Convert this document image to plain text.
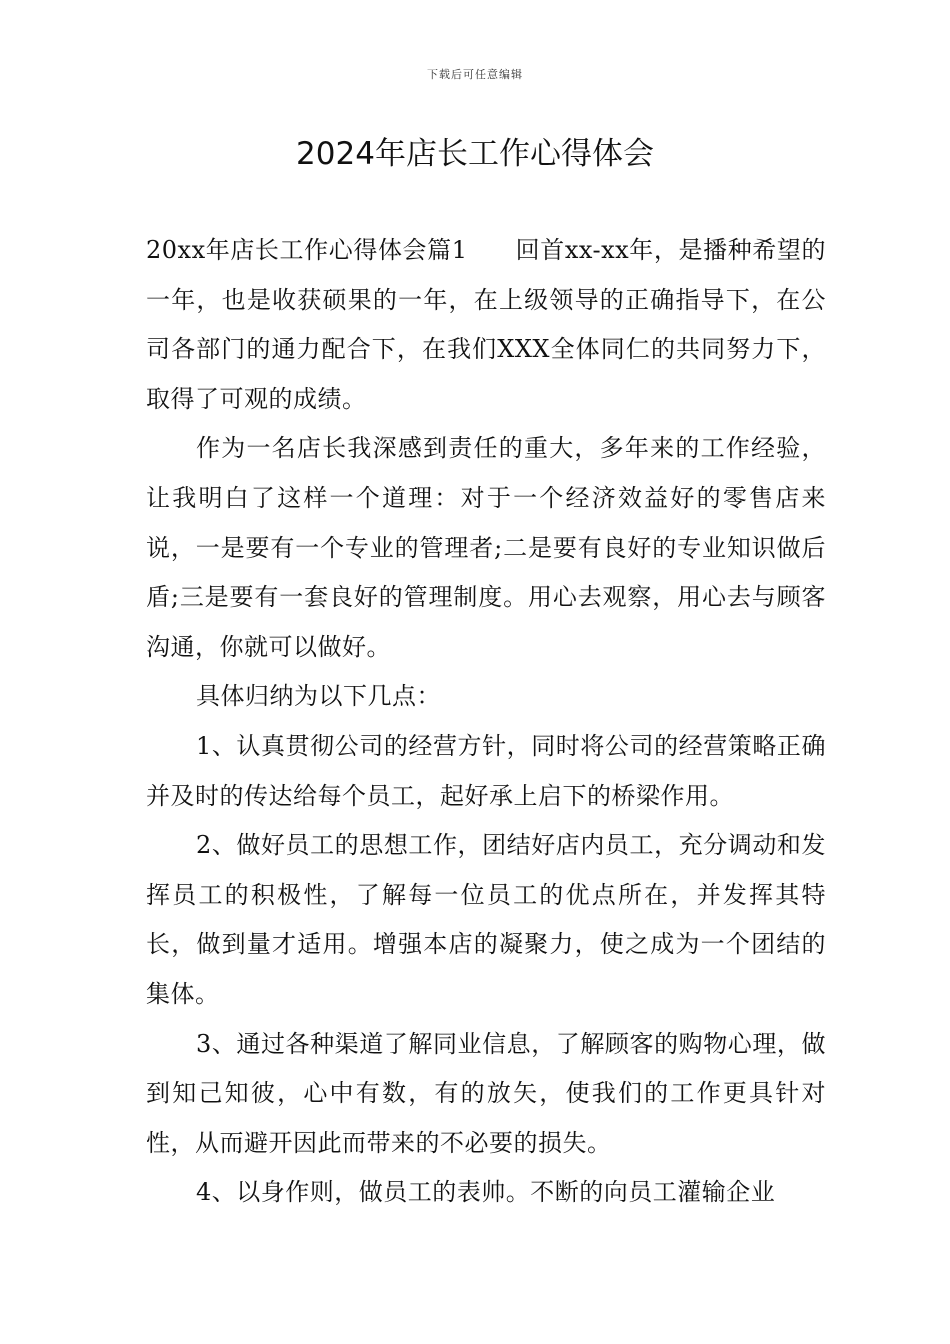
下载后可任意编辑
2024年店长工作心得体会

20xx年店长工作心得体会篇1 回首xx-xx年，是播种希望的一年，也是收获硕果的一年，在上级领导的正确指导下，在公司各部门的通力配合下，在我们XXX全体同仁的共同努力下，取得了可观的成绩。

作为一名店长我深感到责任的重大，多年来的工作经验，让我明白了这样一个道理：对于一个经济效益好的零售店来说，一是要有一个专业的管理者;二是要有良好的专业知识做后盾;三是要有一套良好的管理制度。用心去观察，用心去与顾客沟通，你就可以做好。

具体归纳为以下几点：

1、认真贯彻公司的经营方针，同时将公司的经营策略正确并及时的传达给每个员工，起好承上启下的桥梁作用。

2、做好员工的思想工作，团结好店内员工，充分调动和发挥员工的积极性，了解每一位员工的优点所在，并发挥其特长，做到量才适用。增强本店的凝聚力，使之成为一个团结的集体。

3、通过各种渠道了解同业信息，了解顾客的购物心理，做到知己知彼，心中有数，有的放矢，使我们的工作更具针对性，从而避开因此而带来的不必要的损失。

4、以身作则，做员工的表帅。不断的向员工灌输企业
